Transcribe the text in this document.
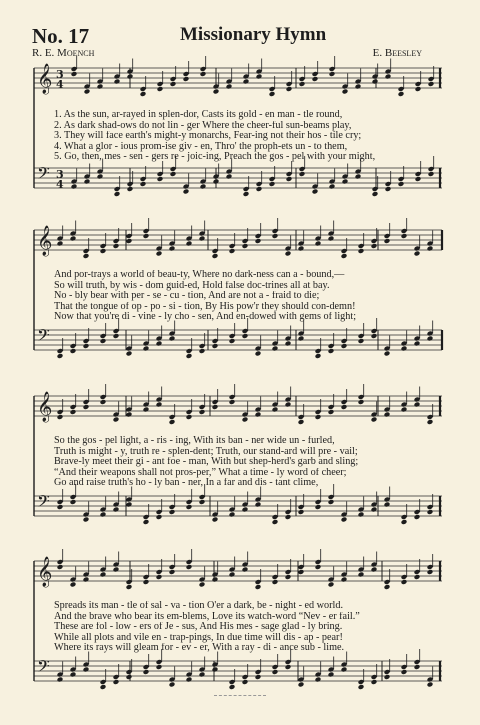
No. 17	Missionary Hymn
R. E. Moench	E. Beesley
𝄞 3
4
𝄢 3
4
1. As the sun, ar-rayed in splen-dor, Casts its gold - en man - tle round,
2. As dark shad-ows do not lin - ger Where the cheer-ful sun-beams play,
3. They will face earth's might-y monarchs, Fear-ing not their hos - tile cry;
4. What a glor - ious prom-ise giv - en, Thro' the proph-ets un - to them,
5. Go, then, mes - sen - gers re - joic-ing, Preach the gos - pel with your might,
𝄞
𝄢
And por-trays a world of beau-ty, Where no dark-ness can a - bound,—
So will truth, by wis - dom guid-ed, Hold false doc-trines all at bay.
No - bly bear with per - se - cu - tion, And are not a - fraid to die;
That the tongue of op - po - si - tion, By His pow'r they should con-demn!
Now that you're di - vine - ly cho - sen, And en-dowed with gems of light;
𝄞
𝄢
So the gos - pel light, a - ris - ing, With its ban - ner wide un - furled,
Truth is might - y, truth re - splen-dent; Truth, our stand-ard will pre - vail;
Brave-ly meet their gi - ant foe - man, With but shep-herd's garb and sling;
“And their weapons shall not pros-per,” What a time - ly word of cheer;
Go and raise truth's ho - ly ban - ner, In a far and dis - tant clime,
𝄞
𝄢
Spreads its man - tle of sal - va - tion O'er a dark, be - night - ed world.
And the brave who bear its em-blems, Love its watch-word “Nev - er fail.”
These are fol - low - ers of Je - sus, And His mes - sage glad - ly bring.
While all plots and vile en - trap-pings, In due time will dis - ap - pear!
Where its rays will gleam for - ev - er, With a ray - di - ance sub - lime.
